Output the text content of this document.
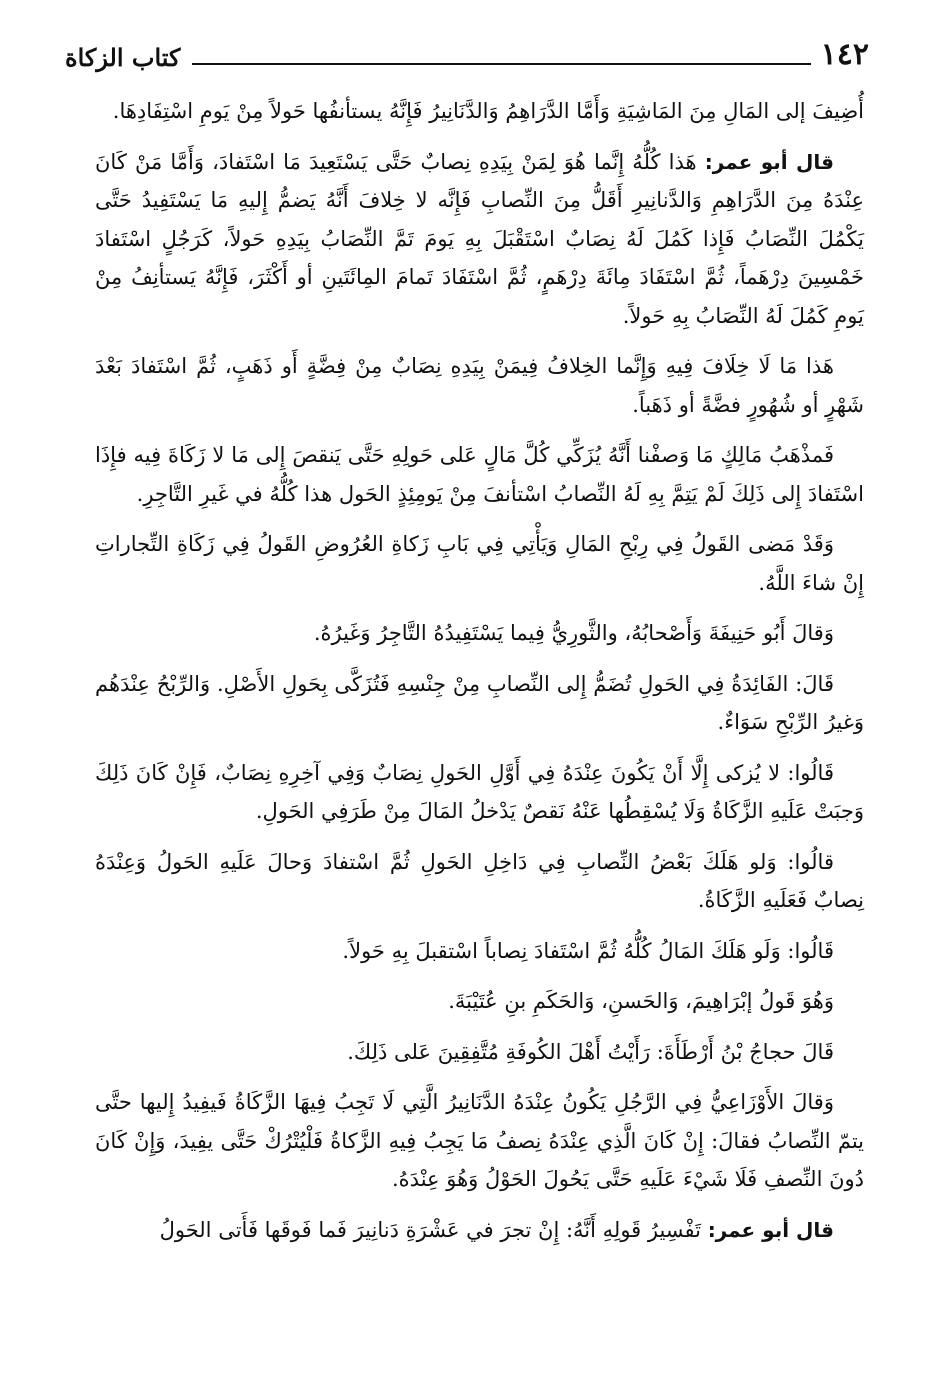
١٤٢
كتاب الزكاة

أُضِيفَ إلى المَالِ مِنَ المَاشِيَةِ وَأَمَّا الدَّرَاهِمُ وَالدَّنَانِيرُ فَإِنَّهُ يستأنفُها حَولاً مِنْ يَومِ اسْتِفَادِهَا.

قال أبو عمر: هَذا كُلُّهُ إِنَّما هُوَ لِمَنْ بِيَدِهِ نِصابٌ حَتَّى يَسْتَعِيدَ مَا اسْتَفادَ، وَأَمَّا مَنْ كَانَ عِنْدَهُ مِنَ الدَّرَاهِمِ وَالدَّنانِيرِ أَقَلُّ مِنَ النِّصابِ فَإِنَّه لا خِلافَ أَنَّهُ يَضمُّ إِليهِ مَا يَسْتَفِيدُ حَتَّى يَكْمُلَ النِّصَابُ فَإِذا كَمُلَ لَهُ نِصَابٌ اسْتَقْبَلَ بِهِ يَومَ تَمَّ النِّصَابُ بِيَدِهِ حَولاً، كَرَجُلٍ اسْتَفادَ خَمْسِينَ دِرْهَماً، ثُمَّ اسْتَفَادَ مِائَةَ دِرْهَمٍ، ثُمَّ اسْتَفَادَ تَمامَ المِائَتَينِ أو أَكْثَرَ، فَإِنَّهُ يَستأنِفُ مِنْ يَومِ كَمُلَ لَهُ النِّصَابُ بِهِ حَولاً.

هَذا مَا لَا خِلَافَ فِيهِ وَإِنَّما الخِلافُ فِيمَنْ بِيَدِهِ نِصَابٌ مِنْ فِضَّةٍ أَو ذَهَبٍ، ثُمَّ اسْتَفادَ بَعْدَ شَهْرٍ أو شُهُورٍ فضَّةً أو ذَهَباً.

فَمذْهَبُ مَالِكٍ مَا وَصفْنا أَنَّهُ يُزَكِّي كُلَّ مَالٍ عَلى حَولِهِ حَتَّى يَنقصَ إِلى مَا لا زَكَاةَ فِيه فإِذَا اسْتَفادَ إِلى ذَلِكَ لَمْ يَتِمَّ بِهِ لَهُ النِّصابُ اسْتأنفَ مِنْ يَومِئِذٍ الحَول هذا كُلُّهُ في غَيرِ التَّاجِرِ.

وَقَدْ مَضى القَولُ فِي رِبْحِ المَالِ وَيَأْتِي فِي بَابِ زَكاةِ العُرُوضِ القَولُ فِي زَكَاةِ التِّجاراتِ إِنْ شاءَ اللَّهُ.

وَقالَ أَبُو حَنِيفَةَ وَأَصْحابُهُ، والثَّورِيُّ فِيما يَسْتَفِيدُهُ التَّاجِرُ وَغَيرُهُ.

قَالَ: الفَائِدَةُ فِي الحَولِ تُضَمُّ إِلى النِّصابِ مِنْ جِنْسِهِ فَتُزَكَّى بِحَولِ الأَصْلِ. وَالرِّبْحُ عِنْدَهُم وَغيرُ الرِّبْحِ سَوَاءٌ.

قَالُوا: لا يُزكى إِلَّا أَنْ يَكُونَ عِنْدَهُ فِي أَوَّلِ الحَولِ نِصَابٌ وَفِي آخِرِهِ نِصَابٌ، فَإِنْ كَانَ ذَلِكَ وَجبَتْ عَلَيهِ الزَّكَاةُ وَلَا يُسْقِطُها عَنْهُ نَقصٌ يَدْخلُ المَالَ مِنْ طَرَفِي الحَولِ.

قالُوا: وَلو هَلَكَ بَعْضُ النِّصابِ فِي دَاخِلِ الحَولِ ثُمَّ اسْتفادَ وَحالَ عَلَيهِ الحَولُ وَعِنْدَهُ نِصابٌ فَعَلَيهِ الزَّكَاةُ.

قَالُوا: وَلَو هَلَكَ المَالُ كُلُّهُ ثُمَّ اسْتَفادَ نِصاباً اسْتقبلَ بِهِ حَولاً.

وَهُوَ قَولُ إبْرَاهِيمَ، وَالحَسنِ، وَالحَكَمِ بنِ عُتَيْبَةَ.

قَالَ حجاجُ بْنُ أَرْطَأَةَ: رَأَيْتُ أَهْلَ الكُوفَةِ مُتَّفِقِينَ عَلى ذَلِكَ.

وَقالَ الأَوْزَاعِيُّ فِي الرَّجُلِ يَكُونُ عِنْدَهُ الدَّنَانِيرُ الَّتِي لَا تَجِبُ فِيهَا الزَّكَاةُ فَيفِيدُ إِليها حتَّى يتمّ النِّصابُ فقالَ: إِنْ كَانَ الَّذِي عِنْدَهُ نِصفُ مَا يَجِبُ فِيهِ الزَّكاةُ فَلْيُتْرُكْ حَتَّى يفِيدَ، وَإِنْ كَانَ دُونَ النِّصفِ فَلَا شَيْءَ عَلَيهِ حَتَّى يَحُولَ الحَوْلُ وَهُوَ عِنْدَهُ.

قال أبو عمر: تَفْسِيرُ قَولِهِ أَنَّهُ: إِنْ تجرَ في عَشْرَةِ دَنانِيرَ فَما فَوقَها فَأَتى الحَولُ
